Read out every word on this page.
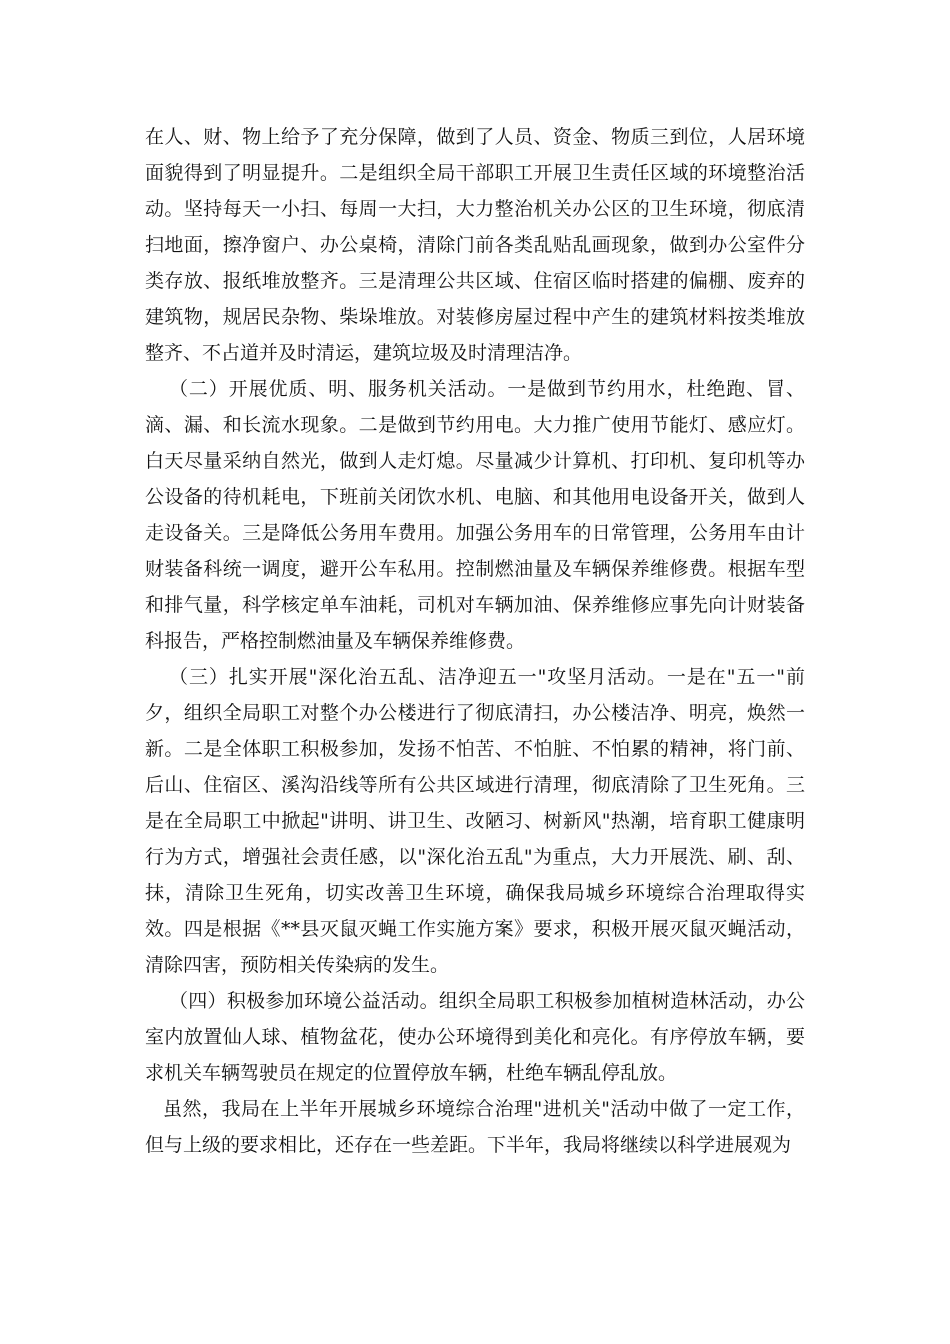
在人、财、物上给予了充分保障，做到了人员、资金、物质三到位，人居环境面貌得到了明显提升。二是组织全局干部职工开展卫生责任区域的环境整治活动。坚持每天一小扫、每周一大扫，大力整治机关办公区的卫生环境，彻底清扫地面，擦净窗户、办公桌椅，清除门前各类乱贴乱画现象，做到办公室件分类存放、报纸堆放整齐。三是清理公共区域、住宿区临时搭建的偏棚、废弃的建筑物，规居民杂物、柴垛堆放。对装修房屋过程中产生的建筑材料按类堆放整齐、不占道并及时清运，建筑垃圾及时清理洁净。

（二）开展优质、明、服务机关活动。一是做到节约用水，杜绝跑、冒、滴、漏、和长流水现象。二是做到节约用电。大力推广使用节能灯、感应灯。白天尽量采纳自然光，做到人走灯熄。尽量减少计算机、打印机、复印机等办公设备的待机耗电，下班前关闭饮水机、电脑、和其他用电设备开关，做到人走设备关。三是降低公务用车费用。加强公务用车的日常管理，公务用车由计财装备科统一调度，避开公车私用。控制燃油量及车辆保养维修费。根据车型和排气量，科学核定单车油耗，司机对车辆加油、保养维修应事先向计财装备科报告，严格控制燃油量及车辆保养维修费。

（三）扎实开展"深化治五乱、洁净迎五一"攻坚月活动。一是在"五一"前夕，组织全局职工对整个办公楼进行了彻底清扫，办公楼洁净、明亮，焕然一新。二是全体职工积极参加，发扬不怕苦、不怕脏、不怕累的精神，将门前、后山、住宿区、溪沟沿线等所有公共区域进行清理，彻底清除了卫生死角。三是在全局职工中掀起"讲明、讲卫生、改陋习、树新风"热潮，培育职工健康明行为方式，增强社会责任感，以"深化治五乱"为重点，大力开展洗、刷、刮、抹，清除卫生死角，切实改善卫生环境，确保我局城乡环境综合治理取得实效。四是根据《**县灭鼠灭蝇工作实施方案》要求，积极开展灭鼠灭蝇活动，清除四害，预防相关传染病的发生。

（四）积极参加环境公益活动。组织全局职工积极参加植树造林活动，办公室内放置仙人球、植物盆花，使办公环境得到美化和亮化。有序停放车辆，要求机关车辆驾驶员在规定的位置停放车辆，杜绝车辆乱停乱放。

虽然，我局在上半年开展城乡环境综合治理"进机关"活动中做了一定工作，但与上级的要求相比，还存在一些差距。下半年，我局将继续以科学进展观为
